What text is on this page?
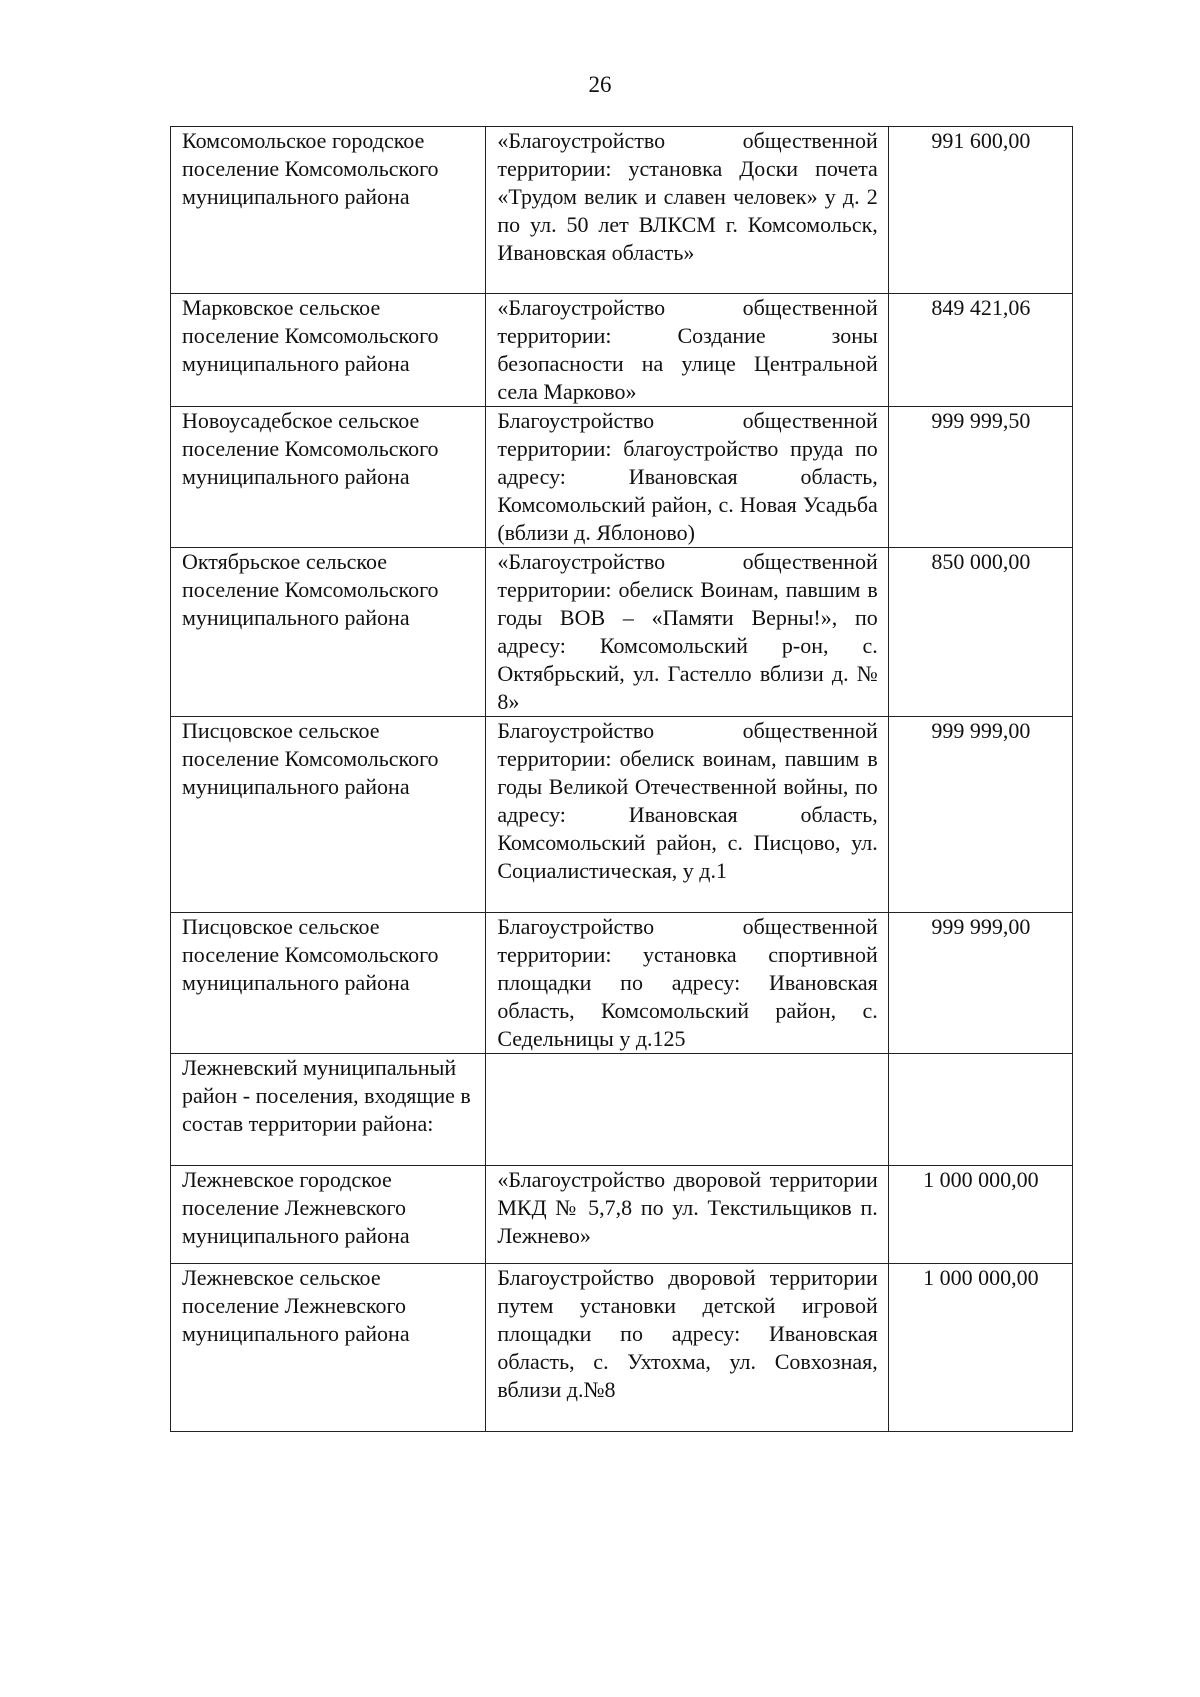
26
Комсомольское городское поселение Комсомольского муниципального района	«Благоустройство общественной территории: установка Доски почета «Трудом велик и славен человек» у д. 2 по ул. 50 лет ВЛКСМ г. Комсомольск, Ивановская область»	991 600,00
Марковское сельское поселение Комсомольского муниципального района	«Благоустройство общественной территории: Создание зоны безопасности на улице Центральной села Марково»	849 421,06
Новоусадебское сельское поселение Комсомольского муниципального района	Благоустройство общественной территории: благоустройство пруда по адресу: Ивановская область, Комсомольский район, с. Новая Усадьба (вблизи д. Яблоново)	999 999,50
Октябрьское сельское поселение Комсомольского муниципального района	«Благоустройство общественной территории: обелиск Воинам, павшим в годы ВОВ – «Памяти Верны!», по адресу: Комсомольский р-он, с. Октябрьский, ул. Гастелло вблизи д. № 8»	850 000,00
Писцовское сельское поселение Комсомольского муниципального района	Благоустройство общественной территории: обелиск воинам, павшим в годы Великой Отечественной войны, по адресу: Ивановская область, Комсомольский район, с. Писцово, ул. Социалистическая, у д.1	999 999,00
Писцовское сельское поселение Комсомольского муниципального района	Благоустройство общественной территории: установка спортивной площадки по адресу: Ивановская область, Комсомольский район, с. Седельницы у д.125	999 999,00
Лежневский муниципальный район - поселения, входящие в состав территории района:		
Лежневское городское поселение Лежневского муниципального района	«Благоустройство дворовой территории МКД № 5,7,8 по ул. Текстильщиков п. Лежнево»	1 000 000,00
Лежневское сельское поселение Лежневского муниципального района	Благоустройство дворовой территории путем установки детской игровой площадки по адресу: Ивановская область, с. Ухтохма, ул. Совхозная, вблизи д.№8	1 000 000,00
